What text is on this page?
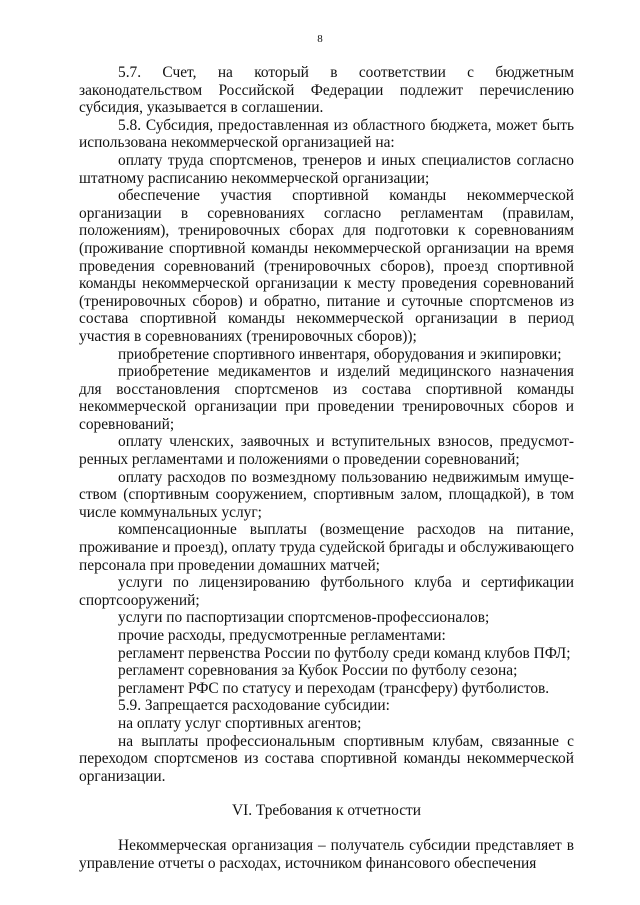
8

5.7. Счет, на который в соответствии с бюджетным законодательством Российской Федерации подлежит перечислению субсидия, указывается в соглашении.

5.8. Субсидия, предоставленная из областного бюджета, может быть использована некоммерческой организацией на:

оплату труда спортсменов, тренеров и иных специалистов согласно штатному расписанию некоммерческой организации;

обеспечение участия спортивной команды некоммерческой организации в соревнованиях согласно регламентам (правилам, положениям), тренировочных сборах для подготовки к соревнованиям (проживание спортивной команды некоммерческой организации на время проведения соревнований (тренировочных сборов), проезд спортивной команды некоммерческой организации к месту проведения соревнований (тренировочных сборов) и обратно, питание и суточные спортсменов из состава спортивной команды некоммерческой организации в период участия в соревнованиях (тренировочных сборов));

приобретение спортивного инвентаря, оборудования и экипировки;

приобретение медикаментов и изделий медицинского назначения для восстановления спортсменов из состава спортивной команды некоммерческой организации при проведении тренировочных сборов и соревнований;

оплату членских, заявочных и вступительных взносов, предусмотренных регламентами и положениями о проведении соревнований;

оплату расходов по возмездному пользованию недвижимым имуществом (спортивным сооружением, спортивным залом, площадкой), в том числе коммунальных услуг;

компенсационные выплаты (возмещение расходов на питание, проживание и проезд), оплату труда судейской бригады и обслуживающего персонала при проведении домашних матчей;

услуги по лицензированию футбольного клуба и сертификации спортсооружений;

услуги по паспортизации спортсменов-профессионалов;

прочие расходы, предусмотренные регламентами:

регламент первенства России по футболу среди команд клубов ПФЛ;

регламент соревнования за Кубок России по футболу сезона;

регламент РФС по статусу и переходам (трансферу) футболистов.

5.9. Запрещается расходование субсидии:

на оплату услуг спортивных агентов;

на выплаты профессиональным спортивным клубам, связанные с переходом спортсменов из состава спортивной команды некоммерческой организации.

VI. Требования к отчетности

Некоммерческая организация – получатель субсидии представляет в управление отчеты о расходах, источником финансового обеспечения
